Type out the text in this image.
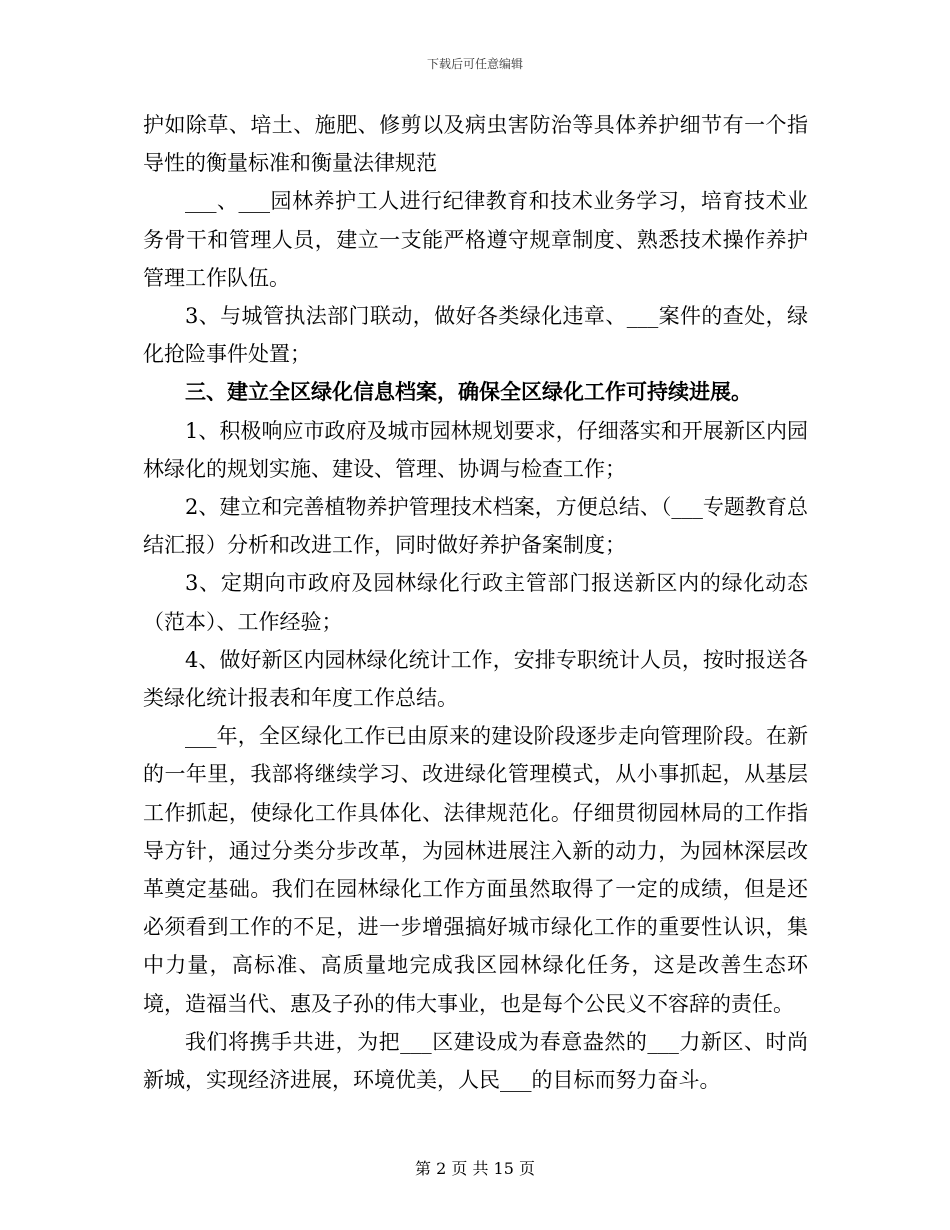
下载后可任意编辑

护如除草、培土、施肥、修剪以及病虫害防治等具体养护细节有一个指导性的衡量标准和衡量法律规范

___、___园林养护工人进行纪律教育和技术业务学习，培育技术业务骨干和管理人员，建立一支能严格遵守规章制度、熟悉技术操作养护管理工作队伍。

3、与城管执法部门联动，做好各类绿化违章、___案件的查处，绿化抢险事件处置；

三、建立全区绿化信息档案，确保全区绿化工作可持续进展。

1、积极响应市政府及城市园林规划要求，仔细落实和开展新区内园林绿化的规划实施、建设、管理、协调与检查工作；

2、建立和完善植物养护管理技术档案，方便总结、（___专题教育总结汇报）分析和改进工作，同时做好养护备案制度；

3、定期向市政府及园林绿化行政主管部门报送新区内的绿化动态（范本）、工作经验；

4、做好新区内园林绿化统计工作，安排专职统计人员，按时报送各类绿化统计报表和年度工作总结。

___年，全区绿化工作已由原来的建设阶段逐步走向管理阶段。在新的一年里，我部将继续学习、改进绿化管理模式，从小事抓起，从基层工作抓起，使绿化工作具体化、法律规范化。仔细贯彻园林局的工作指导方针，通过分类分步改革，为园林进展注入新的动力，为园林深层改革奠定基础。我们在园林绿化工作方面虽然取得了一定的成绩，但是还必须看到工作的不足，进一步增强搞好城市绿化工作的重要性认识，集中力量，高标准、高质量地完成我区园林绿化任务，这是改善生态环境，造福当代、惠及子孙的伟大事业，也是每个公民义不容辞的责任。

我们将携手共进，为把___区建设成为春意盎然的___力新区、时尚新城，实现经济进展，环境优美，人民___的目标而努力奋斗。

第 2 页 共 15 页
